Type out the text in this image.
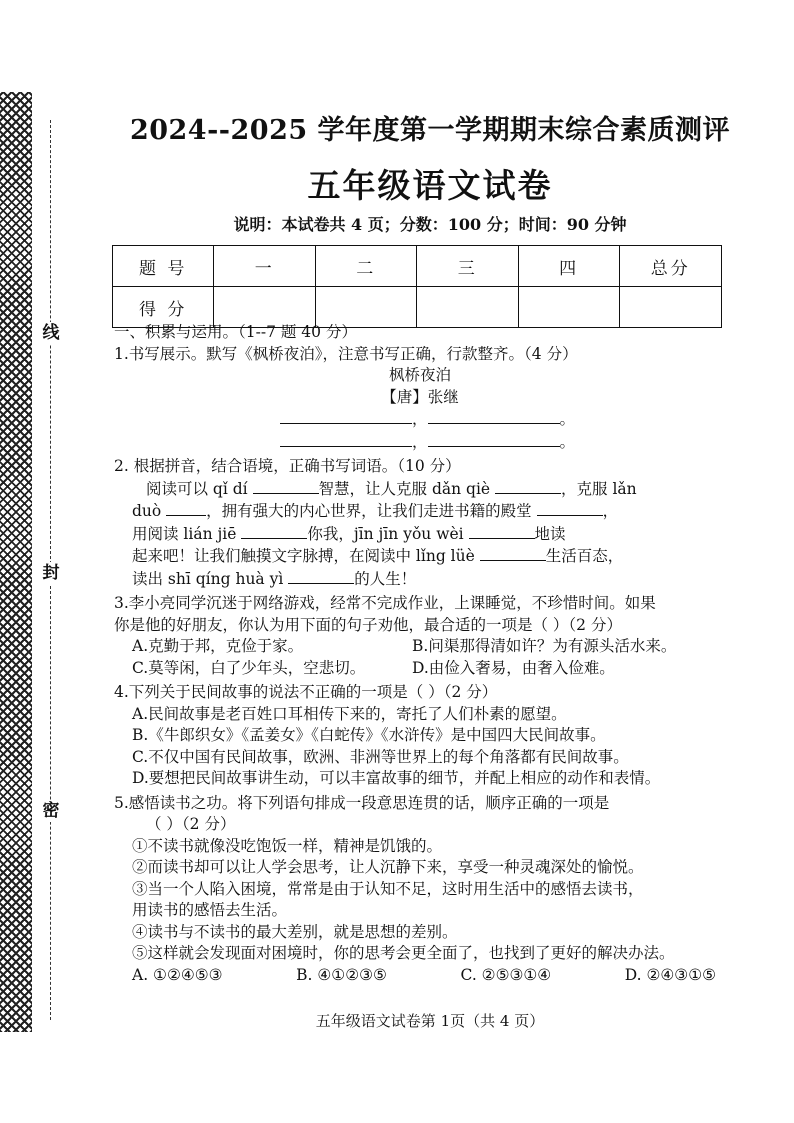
线
封
密
2024--2025 学年度第一学期期末综合素质测评
五年级语文试卷
说明：本试卷共 4 页；分数：100 分；时间：90 分钟
题 号	一	二	三	四	总分
得 分					
一、积累与运用。（1--7 题 40 分）
1.书写展示。默写《枫桥夜泊》，注意书写正确，行款整齐。（4 分）
枫桥夜泊
【唐】张继
，	。
，	。
2. 根据拼音，结合语境，正确书写词语。（10 分）
阅读可以 qǐ dí	智慧，让人克服 dǎn qiè	，克服 lǎn
duò	，拥有强大的内心世界，让我们走进书籍的殿堂	，
用阅读 lián jiē	你我，jīn jīn yǒu wèi	地读
起来吧！让我们触摸文字脉搏，在阅读中 lǐng lüè	生活百态，
读出 shī qíng huà yì	的人生！
3.李小亮同学沉迷于网络游戏，经常不完成作业，上课睡觉，不珍惜时间。如果
你是他的好朋友，你认为用下面的句子劝他，最合适的一项是（ ）（2 分）
A.克勤于邦，克俭于家。	B.问渠那得清如许？为有源头活水来。
C.莫等闲，白了少年头，空悲切。	D.由俭入奢易，由奢入俭难。
4.下列关于民间故事的说法不正确的一项是（ ）（2 分）
A.民间故事是老百姓口耳相传下来的，寄托了人们朴素的愿望。
B.《牛郎织女》《孟姜女》《白蛇传》《水浒传》是中国四大民间故事。
C.不仅中国有民间故事，欧洲、非洲等世界上的每个角落都有民间故事。
D.要想把民间故事讲生动，可以丰富故事的细节，并配上相应的动作和表情。
5.感悟读书之功。将下列语句排成一段意思连贯的话，顺序正确的一项是
（ ）（2 分）
①不读书就像没吃饱饭一样，精神是饥饿的。
②而读书却可以让人学会思考，让人沉静下来，享受一种灵魂深处的愉悦。
③当一个人陷入困境，常常是由于认知不足，这时用生活中的感悟去读书，
用读书的感悟去生活。
④读书与不读书的最大差别，就是思想的差别。
⑤这样就会发现面对困境时，你的思考会更全面了，也找到了更好的解决办法。
A. ①②④⑤③	B. ④①②③⑤	C. ②⑤③①④	D. ②④③①⑤
五年级语文试卷第 1页（共 4 页）
